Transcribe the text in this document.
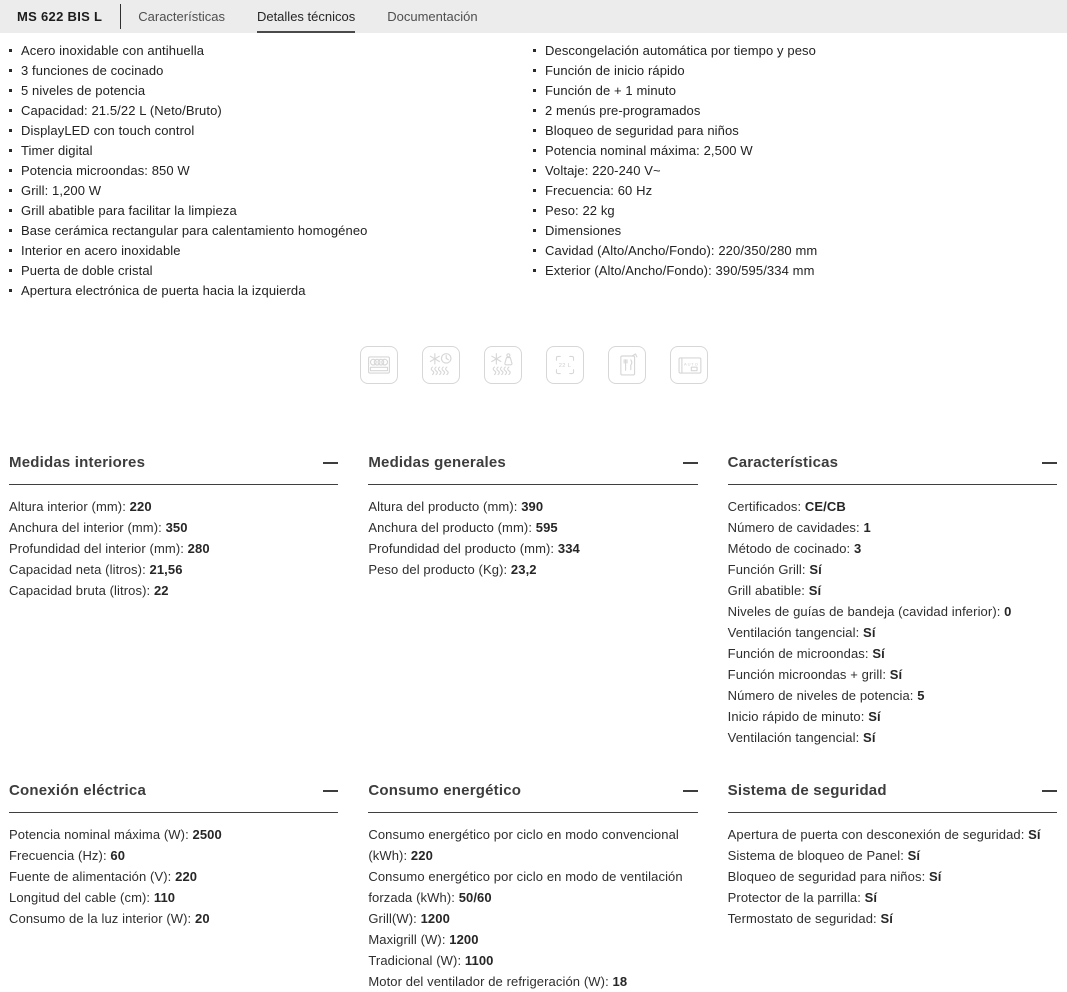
MS 622 BIS L	Características Detalles técnicos Documentación
Acero inoxidable con antihuella
3 funciones de cocinado
5 niveles de potencia
Capacidad: 21.5/22 L (Neto/Bruto)
DisplayLED con touch control
Timer digital
Potencia microondas: 850 W
Grill: 1,200 W
Grill abatible para facilitar la limpieza
Base cerámica rectangular para calentamiento homogéneo
Interior en acero inoxidable
Puerta de doble cristal
Apertura electrónica de puerta hacia la izquierda
Descongelación automática por tiempo y peso
Función de inicio rápido
Función de + 1 minuto
2 menús pre-programados
Bloqueo de seguridad para niños
Potencia nominal máxima: 2,500 W
Voltaje: 220-240 V~
Frecuencia: 60 Hz
Peso: 22 kg
Dimensiones
Cavidad (Alto/Ancho/Fondo): 220/350/280 mm
Exterior (Alto/Ancho/Fondo): 390/595/334 mm
22 L	AUTO
Medidas interiores
Altura interior (mm): 220
Anchura del interior (mm): 350
Profundidad del interior (mm): 280
Capacidad neta (litros): 21,56
Capacidad bruta (litros): 22
Medidas generales
Altura del producto (mm): 390
Anchura del producto (mm): 595
Profundidad del producto (mm): 334
Peso del producto (Kg): 23,2
Características
Certificados: CE/CB
Número de cavidades: 1
Método de cocinado: 3
Función Grill: Sí
Grill abatible: Sí
Niveles de guías de bandeja (cavidad inferior): 0
Ventilación tangencial: Sí
Función de microondas: Sí
Función microondas + grill: Sí
Número de niveles de potencia: 5
Inicio rápido de minuto: Sí
Ventilación tangencial: Sí
Conexión eléctrica
Potencia nominal máxima (W): 2500
Frecuencia (Hz): 60
Fuente de alimentación (V): 220
Longitud del cable (cm): 110
Consumo de la luz interior (W): 20
Consumo energético
Consumo energético por ciclo en modo convencional (kWh): 220
Consumo energético por ciclo en modo de ventilación forzada (kWh): 50/60
Grill(W): 1200
Maxigrill (W): 1200
Tradicional (W): 1100
Motor del ventilador de refrigeración (W): 18
Sistema de seguridad
Apertura de puerta con desconexión de seguridad: Sí
Sistema de bloqueo de Panel: Sí
Bloqueo de seguridad para niños: Sí
Protector de la parrilla: Sí
Termostato de seguridad: Sí
